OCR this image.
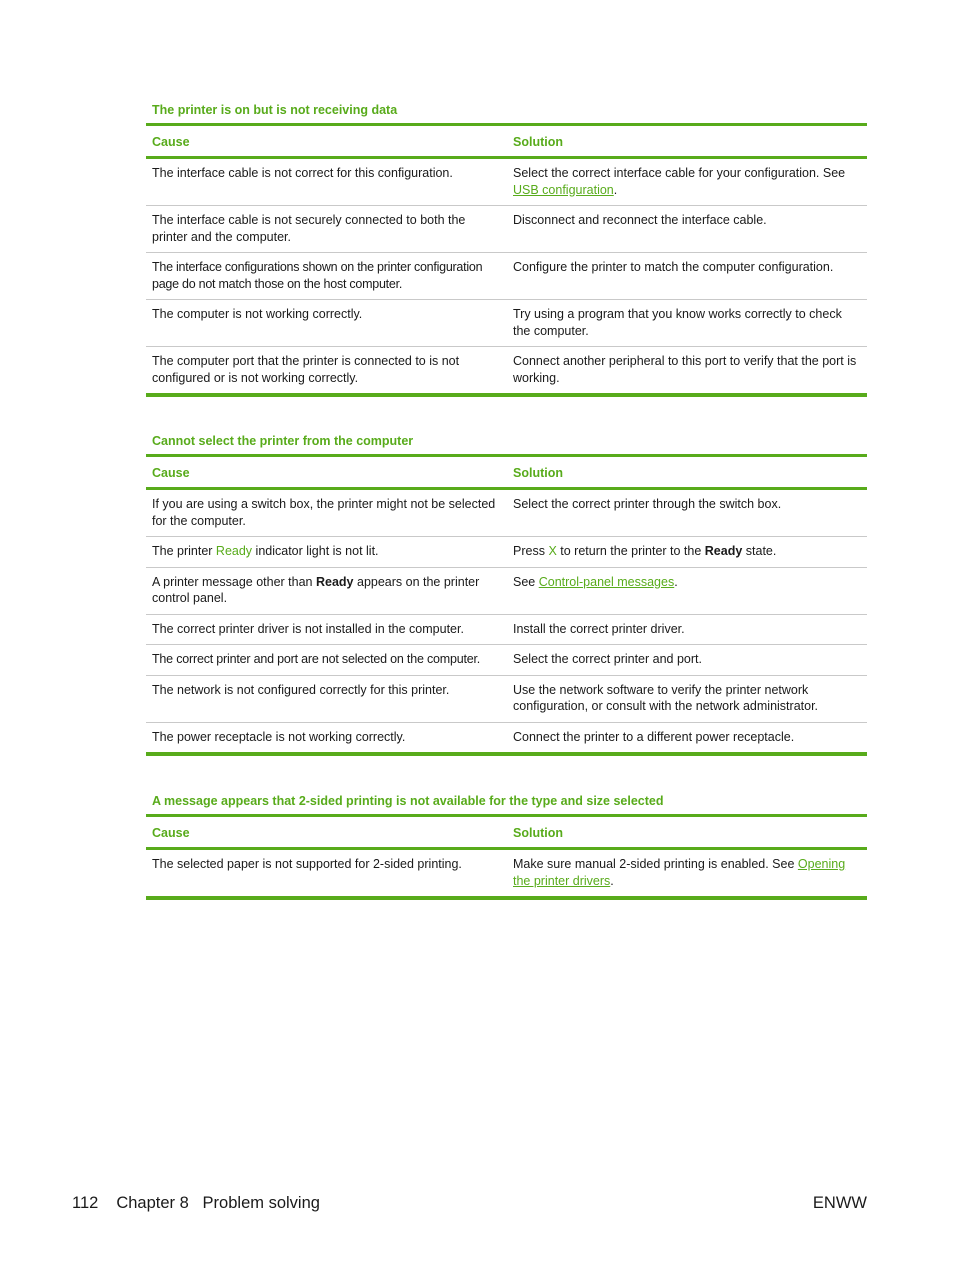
The printer is on but is not receiving data
Cause	Solution
The interface cable is not correct for this configuration.	Select the correct interface cable for your configuration. See USB configuration.
The interface cable is not securely connected to both the printer and the computer.	Disconnect and reconnect the interface cable.
The interface configurations shown on the printer configuration page do not match those on the host computer.	Configure the printer to match the computer configuration.
The computer is not working correctly.	Try using a program that you know works correctly to check the computer.
The computer port that the printer is connected to is not configured or is not working correctly.	Connect another peripheral to this port to verify that the port is working.
Cannot select the printer from the computer
Cause	Solution
If you are using a switch box, the printer might not be selected for the computer.	Select the correct printer through the switch box.
The printer Ready indicator light is not lit.	Press X to return the printer to the Ready state.
A printer message other than Ready appears on the printer control panel.	See Control-panel messages.
The correct printer driver is not installed in the computer.	Install the correct printer driver.
The correct printer and port are not selected on the computer.	Select the correct printer and port.
The network is not configured correctly for this printer.	Use the network software to verify the printer network configuration, or consult with the network administrator.
The power receptacle is not working correctly.	Connect the printer to a different power receptacle.
A message appears that 2-sided printing is not available for the type and size selected
Cause	Solution
The selected paper is not supported for 2-sided printing.	Make sure manual 2-sided printing is enabled. See Opening the printer drivers.
112 Chapter 8 Problem solving	ENWW
